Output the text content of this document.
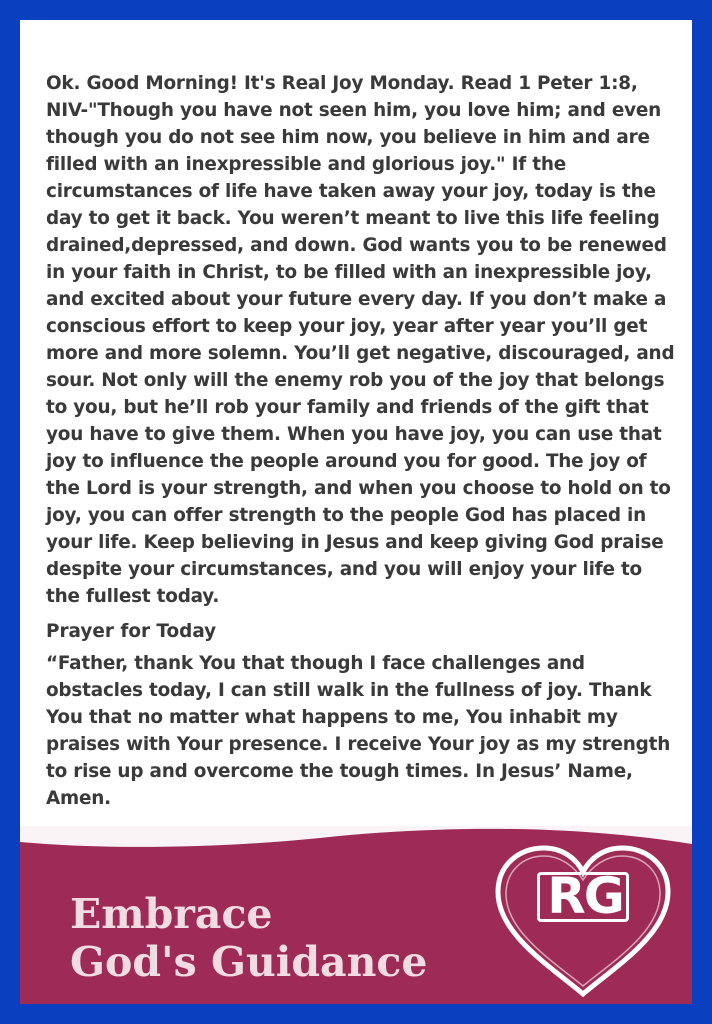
Ok. Good Morning! It's Real Joy Monday. Read 1 Peter 1:8, NIV-"Though you have not seen him, you love him; and even though you do not see him now, you believe in him and are filled with an inexpressible and glorious joy." If the circumstances of life have taken away your joy, today is the day to get it back. You weren’t meant to live this life feeling drained,depressed, and down. God wants you to be renewed in your faith in Christ, to be filled with an inexpressible joy, and excited about your future every day. If you don’t make a conscious effort to keep your joy, year after year you’ll get more and more solemn. You’ll get negative, discouraged, and sour. Not only will the enemy rob you of the joy that belongs to you, but he’ll rob your family and friends of the gift that you have to give them. When you have joy, you can use that joy to influence the people around you for good. The joy of the Lord is your strength, and when you choose to hold on to joy, you can offer strength to the people God has placed in your life. Keep believing in Jesus and keep giving God praise despite your circumstances, and you will enjoy your life to the fullest today.

Prayer for Today

“Father, thank You that though I face challenges and obstacles today, I can still walk in the fullness of joy. Thank You that no matter what happens to me, You inhabit my praises with Your presence. I receive Your joy as my strength to rise up and overcome the tough times. In Jesus’ Name, Amen.

Embrace
God's Guidance
RG
